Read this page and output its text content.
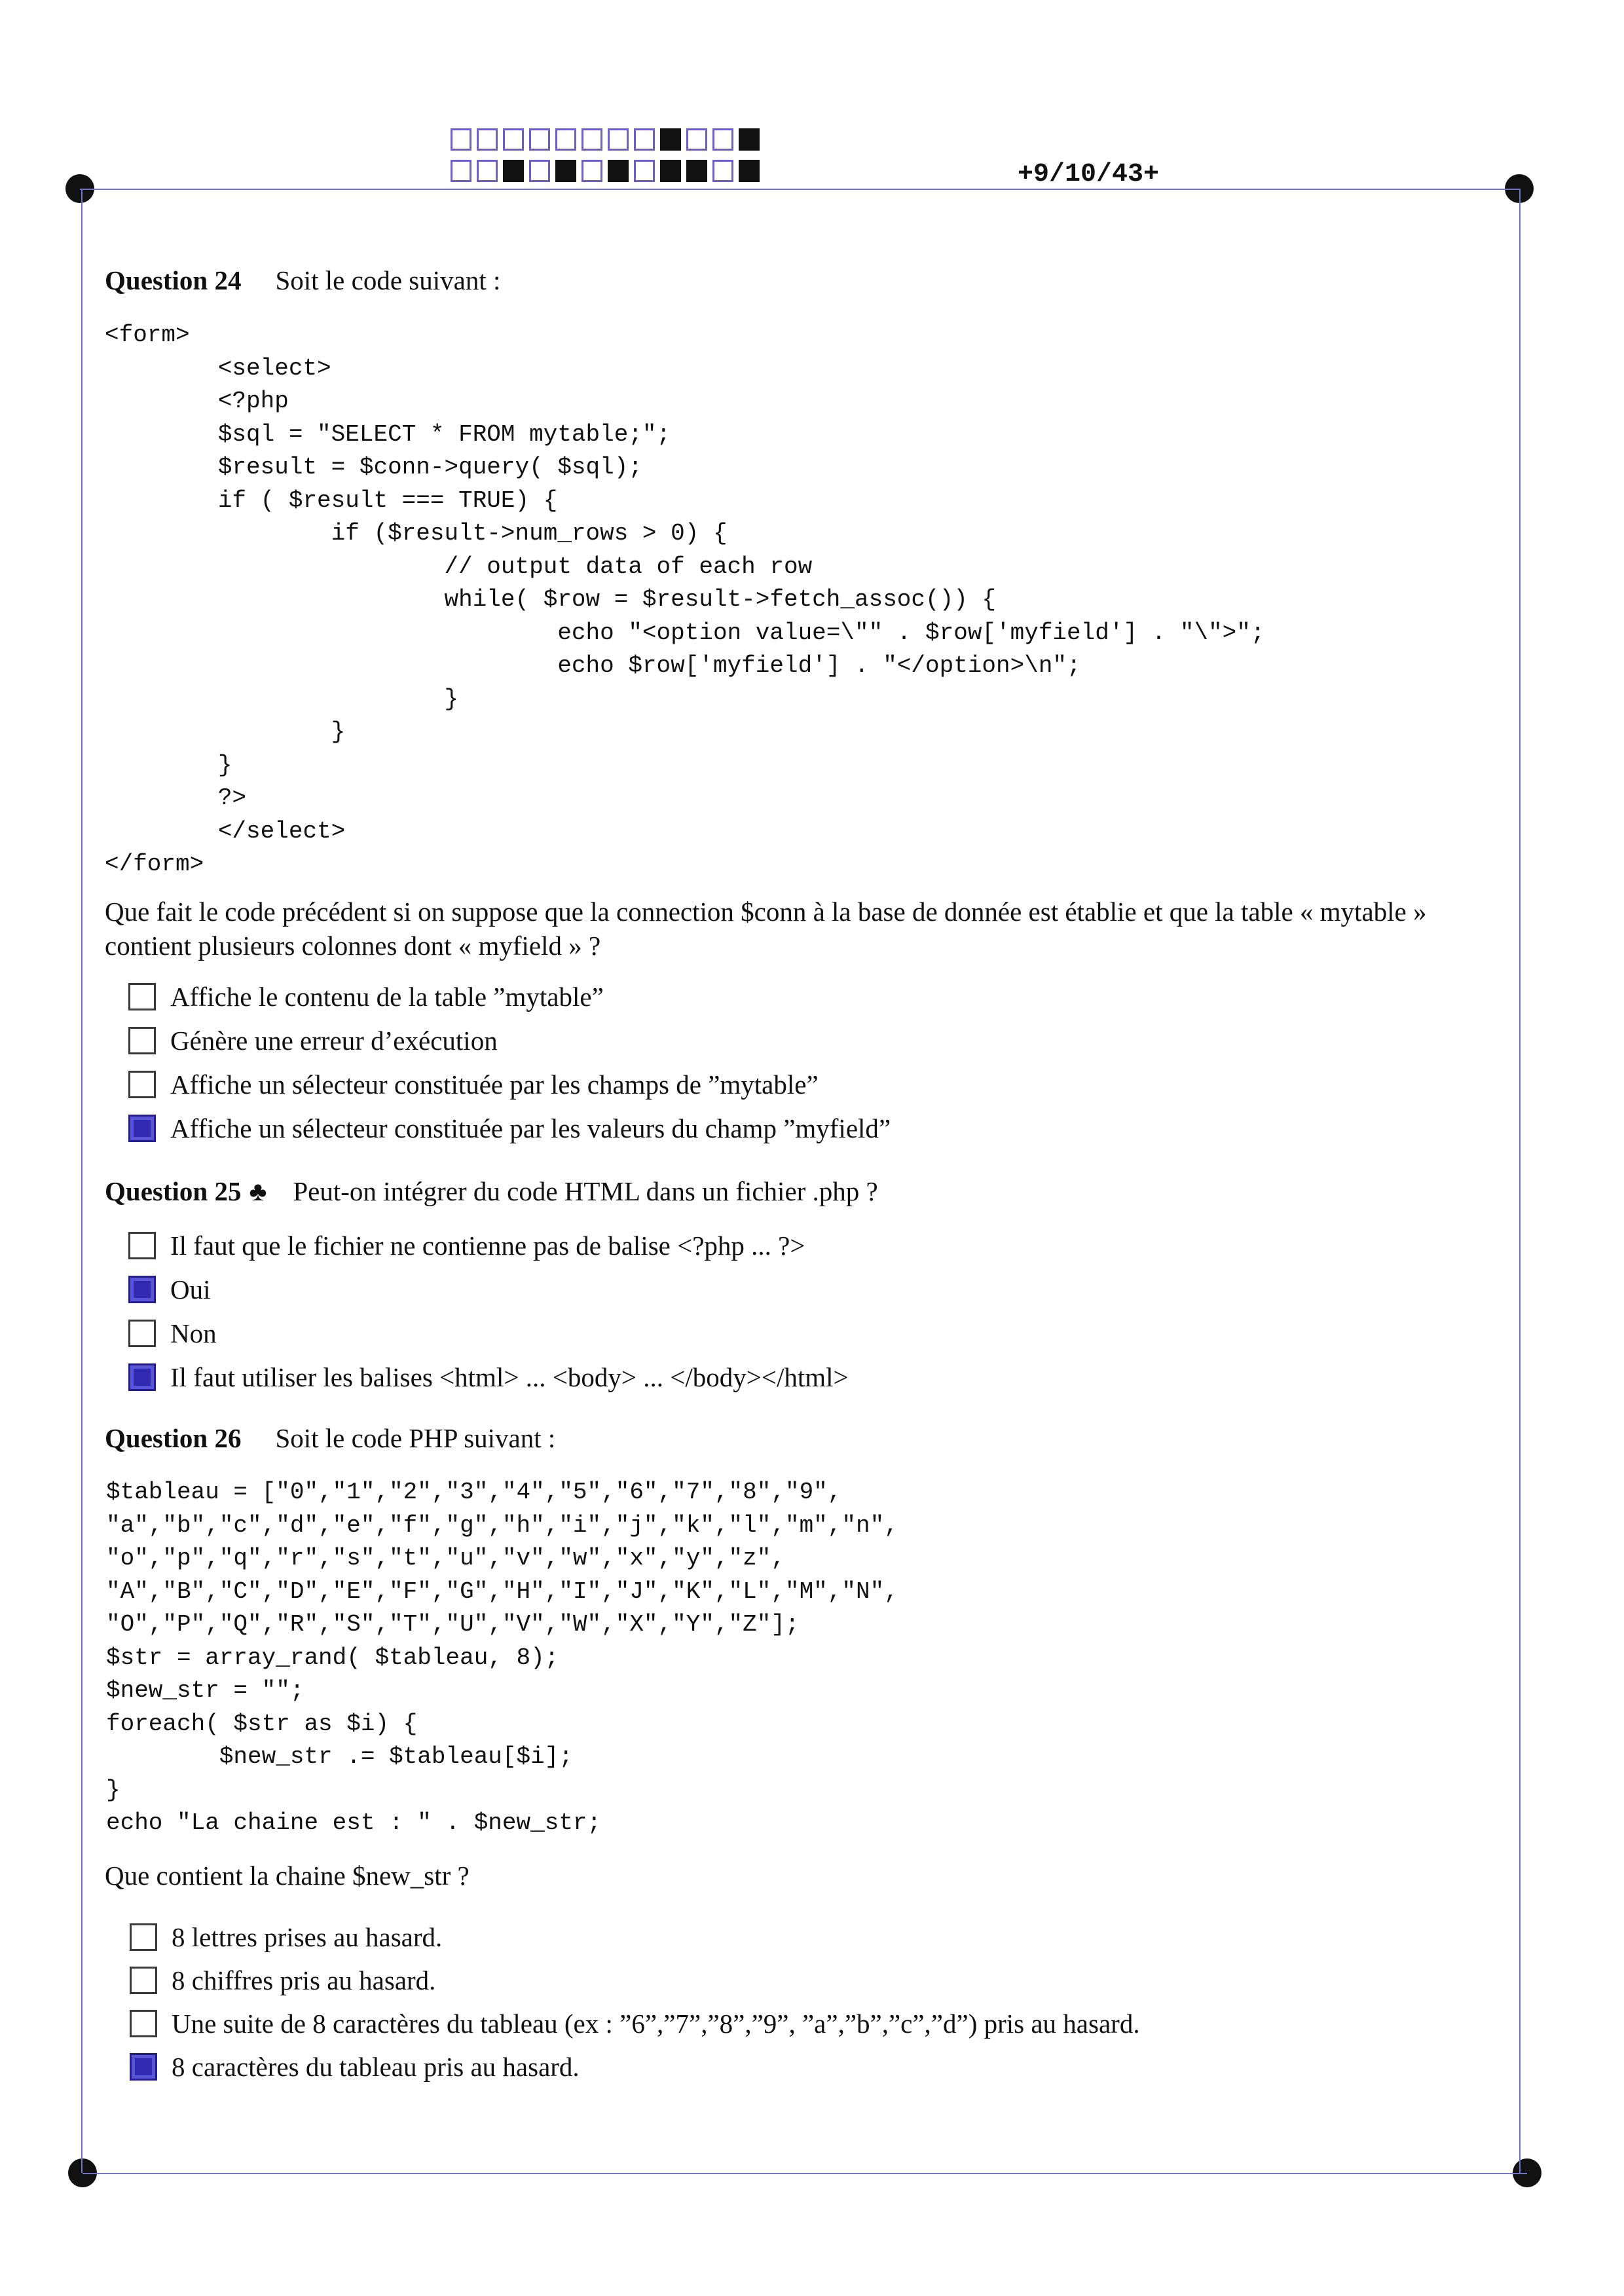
+9/10/43+
Question 24 Soit le code suivant :
<form>
<select>
<?php
$sql = "SELECT * FROM mytable;";
$result = $conn->query( $sql);
if ( $result === TRUE) {
if ($result->num_rows > 0) {
// output data of each row
while( $row = $result->fetch_assoc()) {
echo "<option value=\"" . $row['myfield'] . "\">";
echo $row['myfield'] . "</option>\n";
}
}
}
?>
</select>
</form>
Que fait le code précédent si on suppose que la connection $conn à la base de donnée est établie et que la table « mytable » contient plusieurs colonnes dont « myfield » ?
Affiche le contenu de la table ”mytable”
Génère une erreur d’exécution
Affiche un sélecteur constituée par les champs de ”mytable”
Affiche un sélecteur constituée par les valeurs du champ ”myfield”
Question 25 ♣ Peut-on intégrer du code HTML dans un fichier .php ?
Il faut que le fichier ne contienne pas de balise <?php ... ?>
Oui
Non
Il faut utiliser les balises <html> ... <body> ... </body></html>
Question 26 Soit le code PHP suivant :
$tableau = ["0","1","2","3","4","5","6","7","8","9",
"a","b","c","d","e","f","g","h","i","j","k","l","m","n",
"o","p","q","r","s","t","u","v","w","x","y","z",
"A","B","C","D","E","F","G","H","I","J","K","L","M","N",
"O","P","Q","R","S","T","U","V","W","X","Y","Z"];
$str = array_rand( $tableau, 8);
$new_str = "";
foreach( $str as $i) {
$new_str .= $tableau[$i];
}
echo "La chaine est : " . $new_str;
Que contient la chaine $new_str ?
8 lettres prises au hasard.
8 chiffres pris au hasard.
Une suite de 8 caractères du tableau (ex : ”6”,”7”,”8”,”9”, ”a”,”b”,”c”,”d”) pris au hasard.
8 caractères du tableau pris au hasard.
